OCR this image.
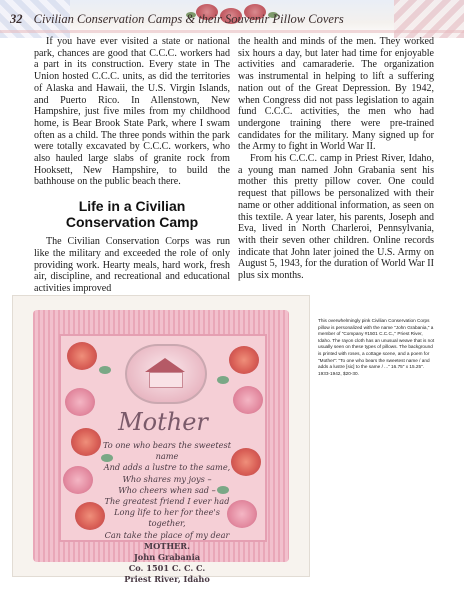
32 Civilian Conservation Camps & their Souvenir Pillow Covers

If you have ever visited a state or national park, chances are good that C.C.C. workers had a part in its construction. Every state in The Union hosted C.C.C. units, as did the territories of Alaska and Hawaii, the U.S. Virgin Islands, and Puerto Rico. In Allenstown, New Hampshire, just five miles from my childhood home, is Bear Brook State Park, where I swam often as a child. The three ponds within the park were totally excavated by C.C.C. workers, who also hauled large slabs of granite rock from Hooksett, New Hampshire, to build the bathhouse on the public beach there.

Life in a Civilian Conservation Camp

The Civilian Conservation Corps was run like the military and exceeded the role of only providing work. Hearty meals, hard work, fresh air, discipline, and recreational and educational activities improved

the health and minds of the men. They worked six hours a day, but later had time for enjoyable activities and camaraderie. The organization was instrumental in helping to lift a suffering nation out of the Great Depression. By 1942, when Congress did not pass legislation to again fund C.C.C. activities, the men who had undergone training there were pre-trained candidates for the military. Many signed up for the Army to fight in World War II.

From his C.C.C. camp in Priest River, Idaho, a young man named John Grabania sent his mother this pretty pillow cover. One could request that pillows be personalized with their name or other additional information, as seen on this textile. A year later, his parents, Joseph and Eva, lived in North Charleroi, Pennsylvania, with their seven other children. Online records indicate that John later joined the U.S. Army on August 5, 1943, for the duration of World War II plus six months.

Mother
To one who bears the sweetest name
And adds a lustre to the same,
Who shares my joys –
Who cheers when sad –
The greatest friend I ever had
Long life to her for thee's together,
Can take the place of my dear
MOTHER.
John Grabania
Co. 1501 C. C. C.
Priest River, Idaho
This overwhelmingly pink Civilian Conservation Corps pillow is personalized with the name "John Grabania," a member of "Company #1501 C.C.C.," Priest River, Idaho. The rayon cloth has an unusual weave that is not usually seen on these types of pillows. The background is printed with roses, a cottage scene, and a poem for "Mother": "To one who bears the sweetest name / and adds a lustre [sic] to the same / ..." 16.75" x 15.25". 1933-1942, $20-30.
